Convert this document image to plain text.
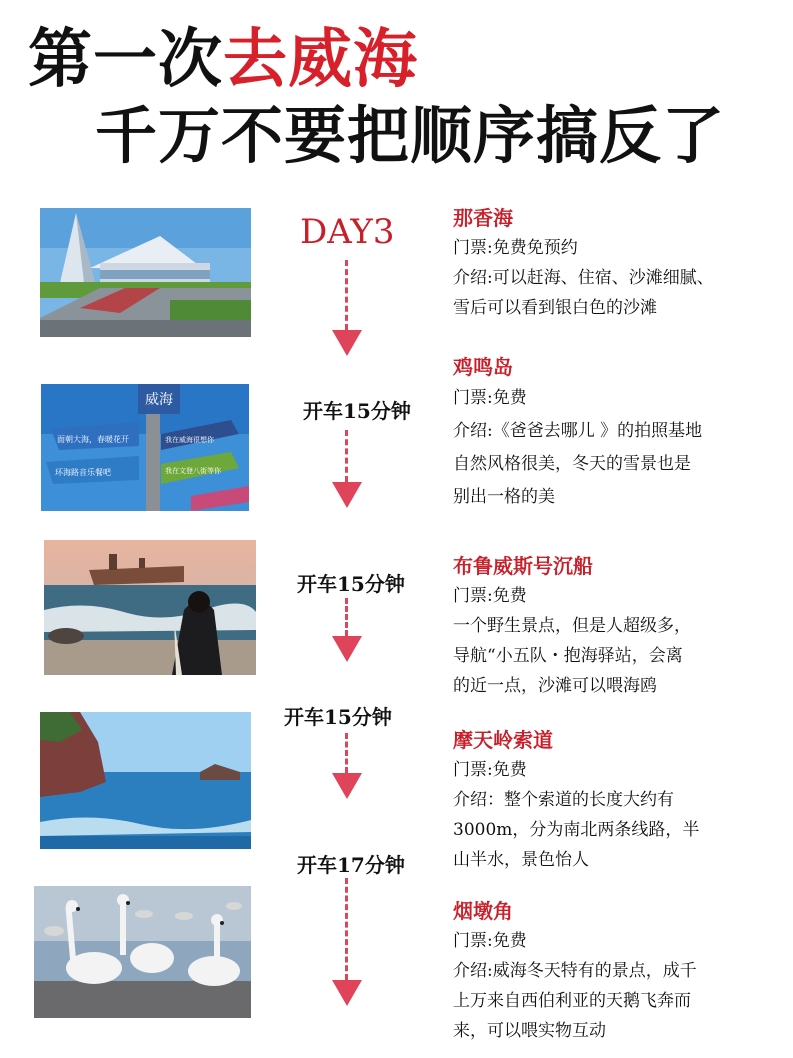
第一次去威海
千万不要把顺序搞反了
威海
面朝大海，春暖花开	我在威海很想你
环海路音乐餐吧	我在文登八街等你
DAY3
开车15分钟
开车15分钟
开车15分钟
开车17分钟
那香海
门票:免费免预约
介绍:可以赶海、住宿、沙滩细腻、
雪后可以看到银白色的沙滩
鸡鸣岛
门票:免费
介绍:《爸爸去哪儿 》的拍照基地
自然风格很美，冬天的雪景也是
别出一格的美
布鲁威斯号沉船
门票:免费
一个野生景点，但是人超级多，
导航“小五队・抱海驿站，会离
的近一点，沙滩可以喂海鸥
摩天岭索道
门票:免费
介绍：整个索道的长度大约有
3000m，分为南北两条线路，半
山半水，景色怡人
烟墩角
门票:免费
介绍:威海冬天特有的景点，成千
上万来自西伯利亚的天鹅飞奔而
来，可以喂实物互动
